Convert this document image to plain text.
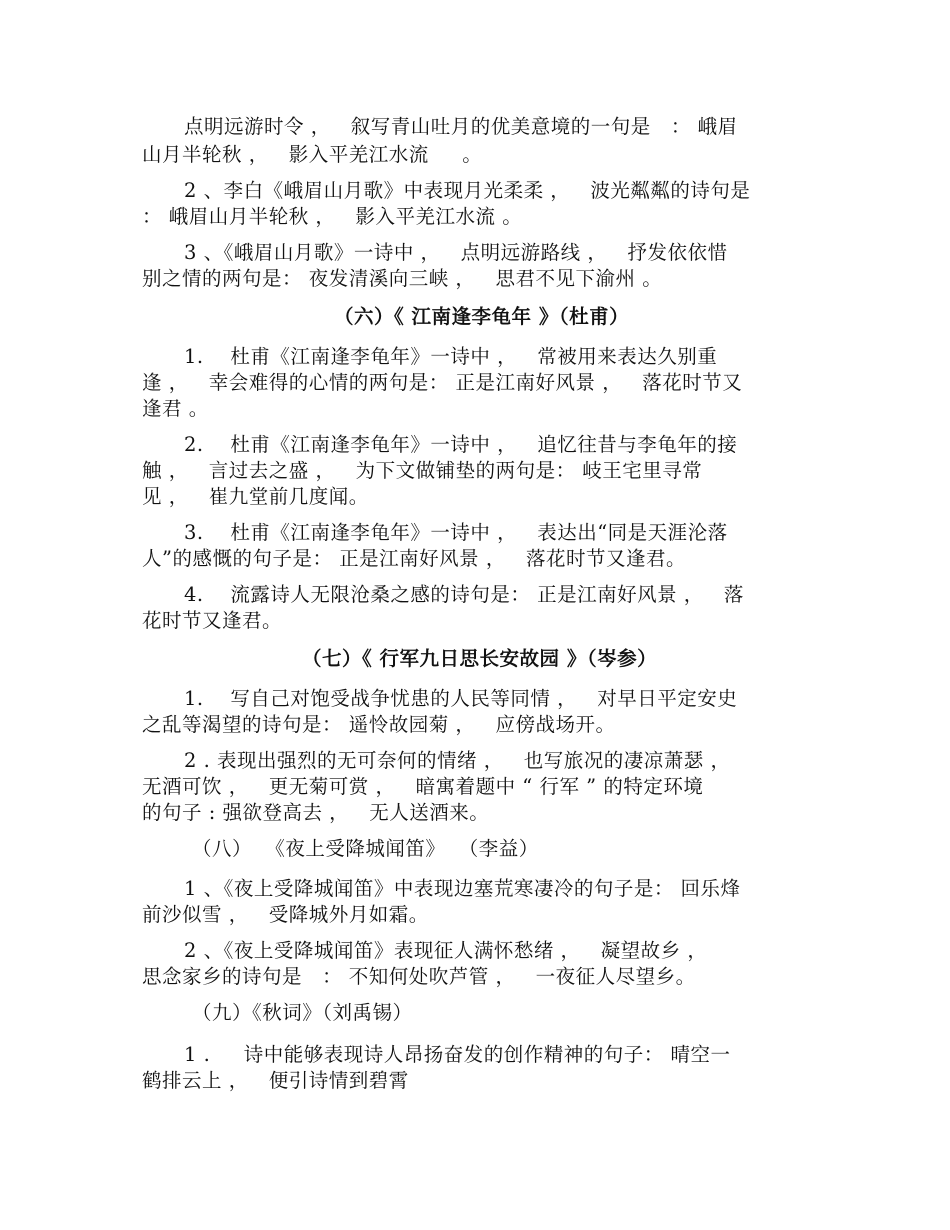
点明远游时令 ，   叙写青山吐月的优美意境的一句是   ： 峨眉
山月半轮秋 ，   影入平羌江水流     。
2 、李白《峨眉山月歌》中表现月光柔柔 ，   波光粼粼的诗句是
： 峨眉山月半轮秋 ，   影入平羌江水流 。
3 、《峨眉山月歌》一诗中 ，   点明远游路线 ，   抒发依依惜
别之情的两句是： 夜发清溪向三峡 ，   思君不见下渝州 。
（六）《 江南逢李龟年 》（杜甫）
1.    杜甫《江南逢李龟年》一诗中 ，   常被用来表达久别重
逢 ，   幸会难得的心情的两句是： 正是江南好风景 ，   落花时节又
逢君 。
2.    杜甫《江南逢李龟年》一诗中 ，   追忆往昔与李龟年的接
触 ，   言过去之盛 ，   为下文做铺垫的两句是： 岐王宅里寻常
见 ，   崔九堂前几度闻。
3.    杜甫《江南逢李龟年》一诗中 ，   表达出“同是天涯沦落
人”的感慨的句子是： 正是江南好风景 ，   落花时节又逢君。
4.    流露诗人无限沧桑之感的诗句是： 正是江南好风景 ，   落
花时节又逢君。
（七）《 行军九日思长安故园 》（岑参）
1.    写自己对饱受战争忧患的人民等同情 ，   对早日平定安史
之乱等渴望的诗句是： 遥怜故园菊 ，   应傍战场开。
2 . 表现出强烈的无可奈何的情绪 ，   也写旅况的凄凉萧瑟 ，
无酒可饮 ，   更无菊可赏 ，   暗寓着题中 “ 行军 ” 的特定环境
的句子 : 强欲登高去 ，   无人送酒来。
（八）  《夜上受降城闻笛》  （李益）
1 、《夜上受降城闻笛》中表现边塞荒寒凄冷的句子是： 回乐烽
前沙似雪 ，   受降城外月如霜。
2 、《夜上受降城闻笛》表现征人满怀愁绪 ，   凝望故乡 ，
思念家乡的诗句是   ： 不知何处吹芦管 ，   一夜征人尽望乡。
（九）《秋词》（刘禹锡）
1 .     诗中能够表现诗人昂扬奋发的创作精神的句子： 晴空一
鹤排云上 ，   便引诗情到碧霄
